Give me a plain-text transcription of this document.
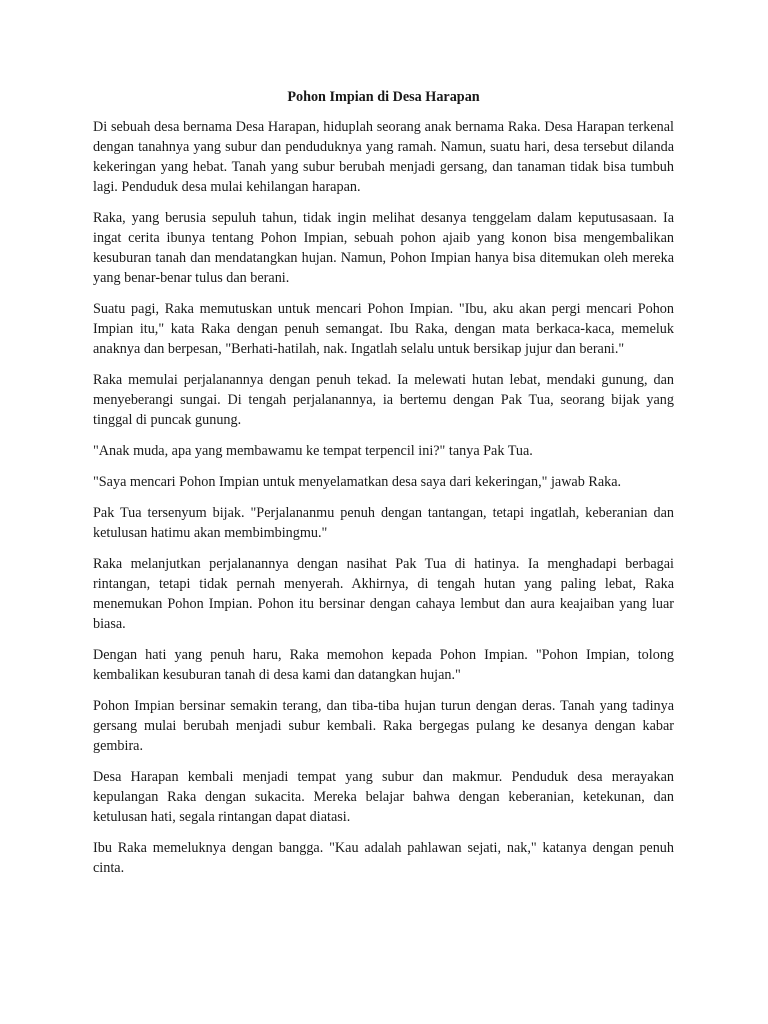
Pohon Impian di Desa Harapan

Di sebuah desa bernama Desa Harapan, hiduplah seorang anak bernama Raka. Desa Harapan terkenal dengan tanahnya yang subur dan penduduknya yang ramah. Namun, suatu hari, desa tersebut dilanda kekeringan yang hebat. Tanah yang subur berubah menjadi gersang, dan tanaman tidak bisa tumbuh lagi. Penduduk desa mulai kehilangan harapan.

Raka, yang berusia sepuluh tahun, tidak ingin melihat desanya tenggelam dalam keputusasaan. Ia ingat cerita ibunya tentang Pohon Impian, sebuah pohon ajaib yang konon bisa mengembalikan kesuburan tanah dan mendatangkan hujan. Namun, Pohon Impian hanya bisa ditemukan oleh mereka yang benar-benar tulus dan berani.

Suatu pagi, Raka memutuskan untuk mencari Pohon Impian. "Ibu, aku akan pergi mencari Pohon Impian itu," kata Raka dengan penuh semangat. Ibu Raka, dengan mata berkaca-kaca, memeluk anaknya dan berpesan, "Berhati-hatilah, nak. Ingatlah selalu untuk bersikap jujur dan berani."

Raka memulai perjalanannya dengan penuh tekad. Ia melewati hutan lebat, mendaki gunung, dan menyeberangi sungai. Di tengah perjalanannya, ia bertemu dengan Pak Tua, seorang bijak yang tinggal di puncak gunung.

"Anak muda, apa yang membawamu ke tempat terpencil ini?" tanya Pak Tua.

"Saya mencari Pohon Impian untuk menyelamatkan desa saya dari kekeringan," jawab Raka.

Pak Tua tersenyum bijak. "Perjalananmu penuh dengan tantangan, tetapi ingatlah, keberanian dan ketulusan hatimu akan membimbingmu."

Raka melanjutkan perjalanannya dengan nasihat Pak Tua di hatinya. Ia menghadapi berbagai rintangan, tetapi tidak pernah menyerah. Akhirnya, di tengah hutan yang paling lebat, Raka menemukan Pohon Impian. Pohon itu bersinar dengan cahaya lembut dan aura keajaiban yang luar biasa.

Dengan hati yang penuh haru, Raka memohon kepada Pohon Impian. "Pohon Impian, tolong kembalikan kesuburan tanah di desa kami dan datangkan hujan."

Pohon Impian bersinar semakin terang, dan tiba-tiba hujan turun dengan deras. Tanah yang tadinya gersang mulai berubah menjadi subur kembali. Raka bergegas pulang ke desanya dengan kabar gembira.

Desa Harapan kembali menjadi tempat yang subur dan makmur. Penduduk desa merayakan kepulangan Raka dengan sukacita. Mereka belajar bahwa dengan keberanian, ketekunan, dan ketulusan hati, segala rintangan dapat diatasi.

Ibu Raka memeluknya dengan bangga. "Kau adalah pahlawan sejati, nak," katanya dengan penuh cinta.
